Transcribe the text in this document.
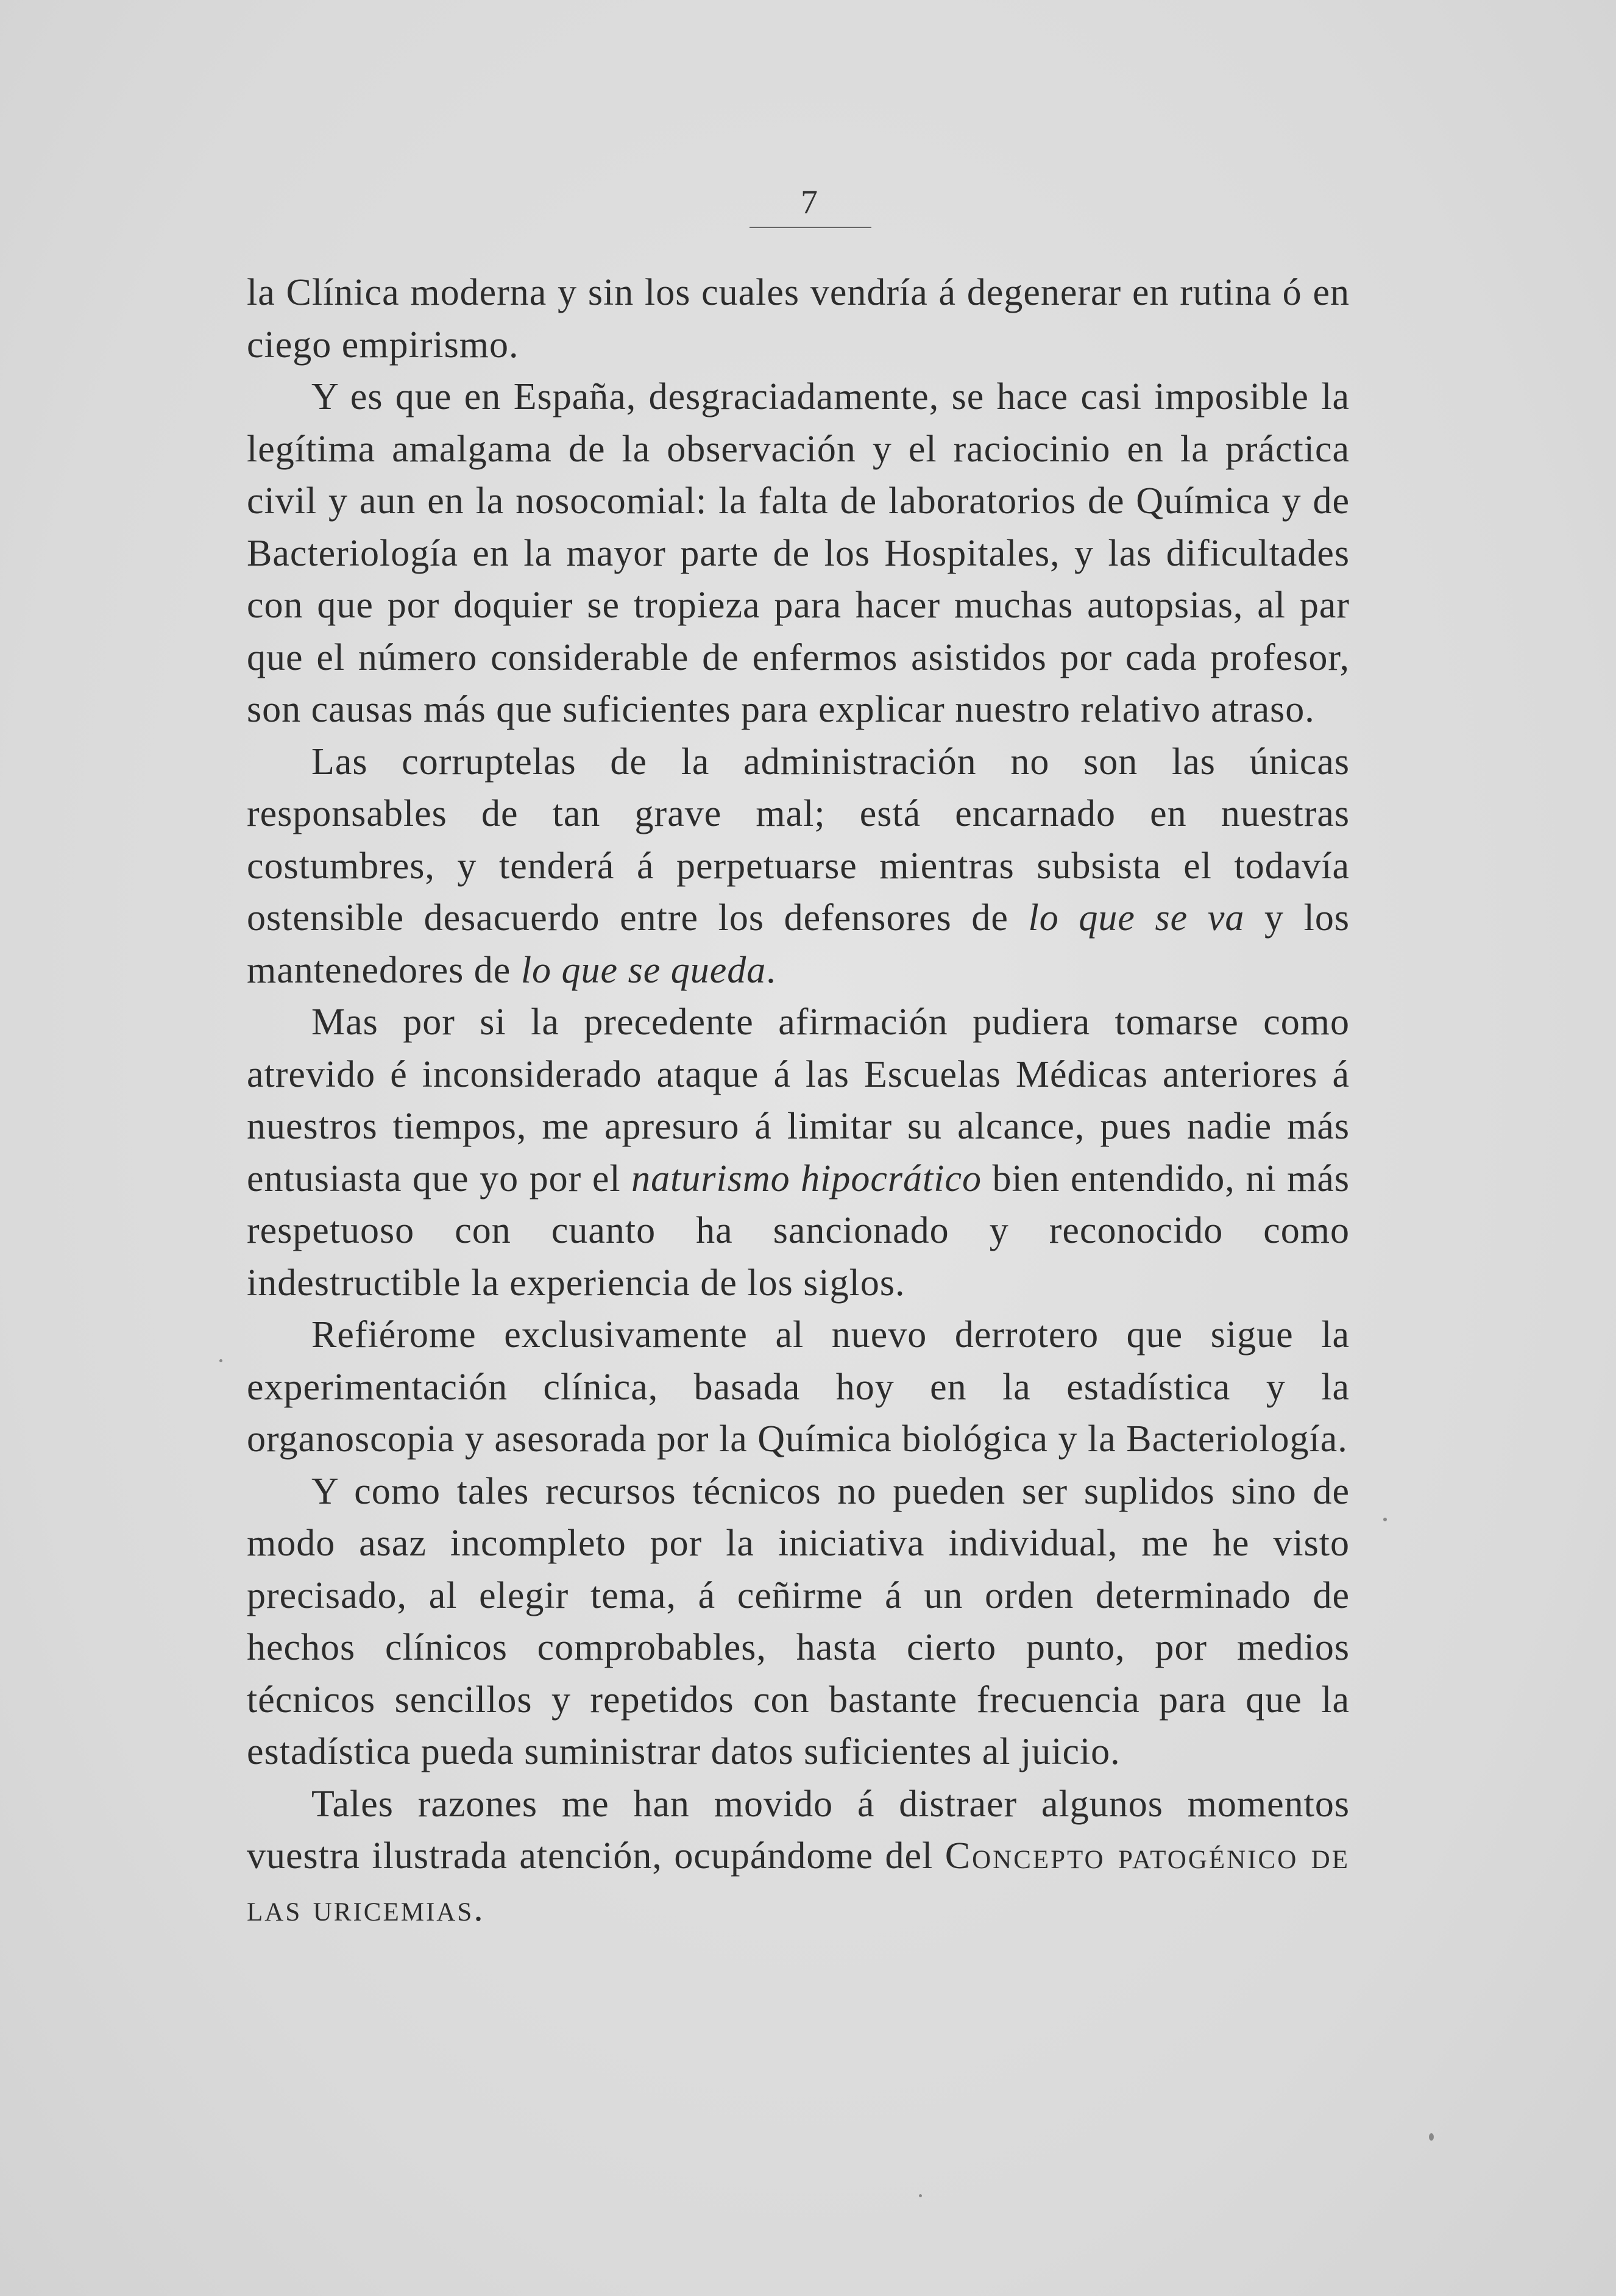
7

la Clínica moderna y sin los cuales vendría á degenerar en rutina ó en ciego empirismo.

Y es que en España, desgraciadamente, se hace casi imposible la legítima amalgama de la observación y el raciocinio en la práctica civil y aun en la nosocomial: la falta de laboratorios de Química y de Bacteriología en la mayor parte de los Hospitales, y las dificultades con que por doquier se tropieza para hacer muchas autopsias, al par que el número considerable de enfermos asistidos por cada profesor, son causas más que suficientes para explicar nuestro relativo atraso.

Las corruptelas de la administración no son las únicas responsables de tan grave mal; está encarnado en nuestras costumbres, y tenderá á perpetuarse mientras subsista el todavía ostensible desacuerdo entre los defensores de lo que se va y los mantenedores de lo que se queda.

Mas por si la precedente afirmación pudiera tomarse como atrevido é inconsiderado ataque á las Escuelas Médicas anteriores á nuestros tiempos, me apresuro á limitar su alcance, pues nadie más entusiasta que yo por el naturismo hipocrático bien entendido, ni más respetuoso con cuanto ha sancionado y reconocido como indestructible la experiencia de los siglos.

Refiérome exclusivamente al nuevo derrotero que sigue la experimentación clínica, basada hoy en la estadística y la organoscopia y asesorada por la Química biológica y la Bacteriología.

Y como tales recursos técnicos no pueden ser suplidos sino de modo asaz incompleto por la iniciativa individual, me he visto precisado, al elegir tema, á ceñirme á un orden determinado de hechos clínicos comprobables, hasta cierto punto, por medios técnicos sencillos y repetidos con bastante frecuencia para que la estadística pueda suministrar datos suficientes al juicio.

Tales razones me han movido á distraer algunos momentos vuestra ilustrada atención, ocupándome del Concepto patogénico de las uricemias.
